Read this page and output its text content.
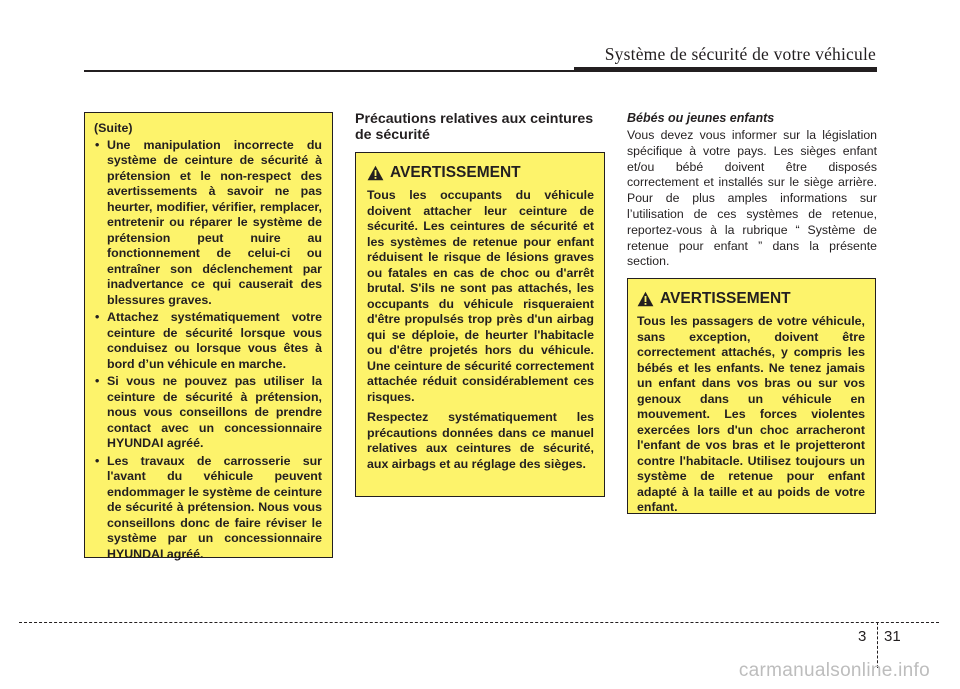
Système de sécurité de votre véhicule
(Suite)
• Une manipulation incorrecte du système de ceinture de sécurité à prétension et le non-respect des avertissements à savoir ne pas heurter, modifier, vérifier, remplacer, entretenir ou réparer le système de prétension peut nuire au fonctionnement de celui-ci ou entraîner son déclenchement par inadvertance ce qui causerait des blessures graves.
• Attachez systématiquement votre ceinture de sécurité lorsque vous conduisez ou lorsque vous êtes à bord d’un véhicule en marche.
• Si vous ne pouvez pas utiliser la ceinture de sécurité à prétension, nous vous conseillons de prendre contact avec un concessionnaire HYUNDAI agréé.
• Les travaux de carrosserie sur l'avant du véhicule peuvent endommager le système de ceinture de sécurité à prétension. Nous vous conseillons donc de faire réviser le système par un concessionnaire HYUNDAI agréé.
Précautions relatives aux ceintures de sécurité
AVERTISSEMENT

Tous les occupants du véhicule doivent attacher leur ceinture de sécurité. Les ceintures de sécurité et les systèmes de retenue pour enfant réduisent le risque de lésions graves ou fatales en cas de choc ou d'arrêt brutal. S'ils ne sont pas attachés, les occupants du véhicule risqueraient d'être propulsés trop près d'un airbag qui se déploie, de heurter l'habitacle ou d'être projetés hors du véhicule. Une ceinture de sécurité correctement attachée réduit considérablement ces risques.

Respectez systématiquement les précautions données dans ce manuel relatives aux ceintures de sécurité, aux airbags et au réglage des sièges.

Bébés ou jeunes enfants
Vous devez vous informer sur la législation spécifique à votre pays. Les sièges enfant et/ou bébé doivent être disposés correctement et installés sur le siège arrière. Pour de plus amples informations sur l’utilisation de ces systèmes de retenue, reportez-vous à la rubrique “ Système de retenue pour enfant ” dans la présente section.
AVERTISSEMENT

Tous les passagers de votre véhicule, sans exception, doivent être correctement attachés, y compris les bébés et les enfants. Ne tenez jamais un enfant dans vos bras ou sur vos genoux dans un véhicule en mouvement. Les forces violentes exercées lors d'un choc arracheront l'enfant de vos bras et le projetteront contre l'habitacle. Utilisez toujours un système de retenue pour enfant adapté à la taille et au poids de votre enfant.

3 31
carmanualsonline.info
